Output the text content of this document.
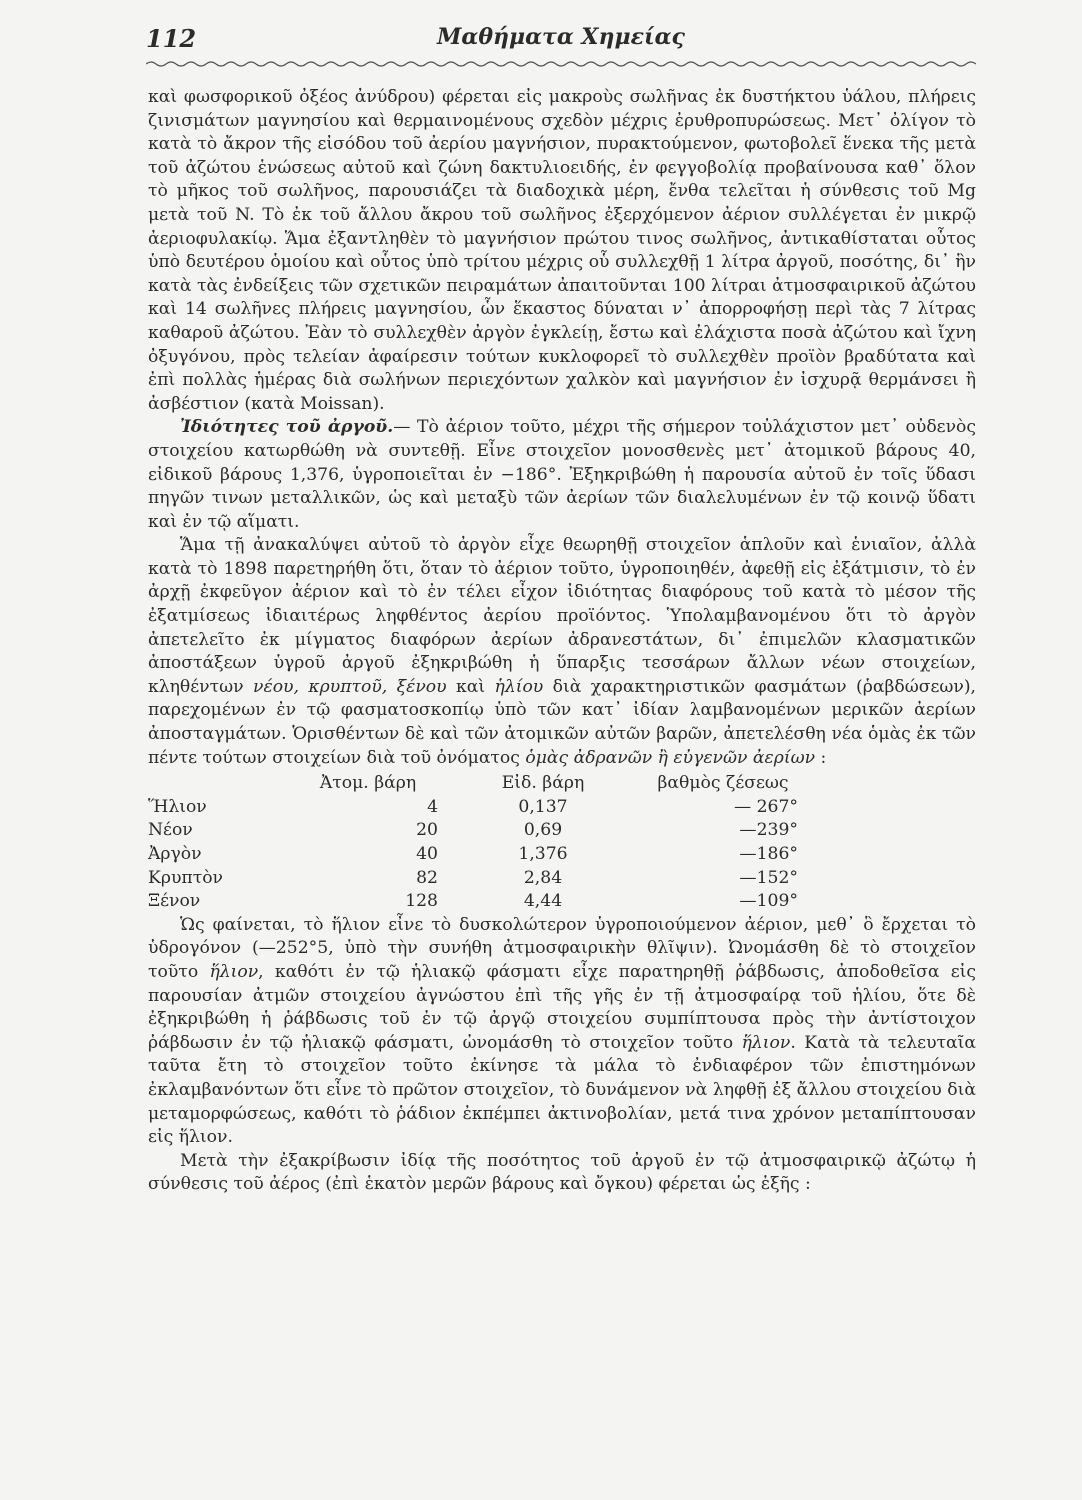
112	Μαθήματα Χημείας

καὶ φωσφορικοῦ ὀξέος ἀνύδρου) φέρεται εἰς μακροὺς σωλῆνας ἐκ δυστήκτου ὑάλου, πλήρεις ζινισμάτων μαγνησίου καὶ θερμαινομένους σχεδὸν μέχρις ἐρυθροπυρώσεως. Μετ᾽ ὀλίγον τὸ κατὰ τὸ ἄκρον τῆς εἰσόδου τοῦ ἀερίου μαγνήσιον, πυρακτούμενον, φωτοβολεῖ ἕνεκα τῆς μετὰ τοῦ ἀζώτου ἑνώσεως αὐτοῦ καὶ ζώνη δακτυλιοειδής, ἐν φεγγοβολίᾳ προβαίνουσα καθ᾽ ὅλον τὸ μῆκος τοῦ σωλῆνος, παρουσιάζει τὰ διαδοχικὰ μέρη, ἔνθα τελεῖται ἡ σύνθεσις τοῦ Mg μετὰ τοῦ N. Τὸ ἐκ τοῦ ἄλλου ἄκρου τοῦ σωλῆνος ἐξερχόμενον ἀέριον συλλέγεται ἐν μικρῷ ἀεριοφυλακίῳ. Ἅμα ἐξαντληθὲν τὸ μαγνήσιον πρώτου τινος σωλῆνος, ἀντικαθίσταται οὗτος ὑπὸ δευτέρου ὁμοίου καὶ οὗτος ὑπὸ τρίτου μέχρις οὗ συλλεχθῇ 1 λίτρα ἀργοῦ, ποσότης, δι᾽ ἣν κατὰ τὰς ἐνδείξεις τῶν σχετικῶν πειραμάτων ἀπαιτοῦνται 100 λίτραι ἀτμοσφαιρικοῦ ἀζώτου καὶ 14 σωλῆνες πλήρεις μαγνησίου, ὧν ἕκαστος δύναται ν᾽ ἀπορροφήσῃ περὶ τὰς 7 λίτρας καθαροῦ ἀζώτου. Ἐὰν τὸ συλλεχθὲν ἀργὸν ἐγκλείῃ, ἔστω καὶ ἐλάχιστα ποσὰ ἀζώτου καὶ ἴχνη ὀξυγόνου, πρὸς τελείαν ἀφαίρεσιν τούτων κυκλοφορεῖ τὸ συλλεχθὲν προϊὸν βραδύτατα καὶ ἐπὶ πολλὰς ἡμέρας διὰ σωλήνων περιεχόντων χαλκὸν καὶ μαγνήσιον ἐν ἰσχυρᾷ θερμάνσει ἢ ἀσβέστιον (κατὰ Moissan).

Ἰδιότητες τοῦ ἀργοῦ.— Τὸ ἀέριον τοῦτο, μέχρι τῆς σήμερον τοὐλάχιστον μετ᾽ οὐδενὸς στοιχείου κατωρθώθη νὰ συντεθῇ. Εἶνε στοιχεῖον μονοσθενὲς μετ᾽ ἀτομικοῦ βάρους 40, εἰδικοῦ βάρους 1,376, ὑγροποιεῖται ἐν −186°. Ἐξηκριβώθη ἡ παρουσία αὐτοῦ ἐν τοῖς ὕδασι πηγῶν τινων μεταλλικῶν, ὡς καὶ μεταξὺ τῶν ἀερίων τῶν διαλελυμένων ἐν τῷ κοινῷ ὕδατι καὶ ἐν τῷ αἵματι.

Ἅμα τῇ ἀνακαλύψει αὐτοῦ τὸ ἀργὸν εἶχε θεωρηθῇ στοιχεῖον ἁπλοῦν καὶ ἑνιαῖον, ἀλλὰ κατὰ τὸ 1898 παρετηρήθη ὅτι, ὅταν τὸ ἀέριον τοῦτο, ὑγροποιηθέν, ἀφεθῇ εἰς ἐξάτμισιν, τὸ ἐν ἀρχῇ ἐκφεῦγον ἀέριον καὶ τὸ ἐν τέλει εἶχον ἰδιότητας διαφόρους τοῦ κατὰ τὸ μέσον τῆς ἐξατμίσεως ἰδιαιτέρως ληφθέντος ἀερίου προϊόντος. Ὑπολαμβανομένου ὅτι τὸ ἀργὸν ἀπετελεῖτο ἐκ μίγματος διαφόρων ἀερίων ἀδρανεστάτων, δι᾽ ἐπιμελῶν κλασματικῶν ἀποστάξεων ὑγροῦ ἀργοῦ ἐξηκριβώθη ἡ ὕπαρξις τεσσάρων ἄλλων νέων στοιχείων, κληθέντων νέου, κρυπτοῦ, ξένου καὶ ἡλίου διὰ χαρακτηριστικῶν φασμάτων (ῥαβδώσεων), παρεχομένων ἐν τῷ φασματοσκοπίῳ ὑπὸ τῶν κατ᾽ ἰδίαν λαμβανομένων μερικῶν ἀερίων ἀποσταγμάτων. Ὁρισθέντων δὲ καὶ τῶν ἀτομικῶν αὐτῶν βαρῶν, ἀπετελέσθη νέα ὁμὰς ἐκ τῶν πέντε τούτων στοιχείων διὰ τοῦ ὀνόματος ὁμὰς ἀδρανῶν ἢ εὐγενῶν ἀερίων :

	Ἀτομ. βάρη	Εἰδ. βάρη	βαθμὸς ζέσεως
Ἥλιον	4	0,137	— 267°
Νέον	20	0,69	—239°
Ἀργὸν	40	1,376	—186°
Κρυπτὸν	82	2,84	—152°
Ξένον	128	4,44	—109°

Ὡς φαίνεται, τὸ ἥλιον εἶνε τὸ δυσκολώτερον ὑγροποιούμενον ἀέριον, μεθ᾽ ὃ ἔρχεται τὸ ὑδρογόνον (—252°5, ὑπὸ τὴν συνήθη ἀτμοσφαιρικὴν θλῖψιν). Ὠνομάσθη δὲ τὸ στοιχεῖον τοῦτο ἥλιον, καθότι ἐν τῷ ἡλιακῷ φάσματι εἶχε παρατηρηθῇ ῥάβδωσις, ἀποδοθεῖσα εἰς παρουσίαν ἀτμῶν στοιχείου ἀγνώστου ἐπὶ τῆς γῆς ἐν τῇ ἀτμοσφαίρᾳ τοῦ ἡλίου, ὅτε δὲ ἐξηκριβώθη ἡ ῥάβδωσις τοῦ ἐν τῷ ἀργῷ στοιχείου συμπίπτουσα πρὸς τὴν ἀντίστοιχον ῥάβδωσιν ἐν τῷ ἡλιακῷ φάσματι, ὠνομάσθη τὸ στοιχεῖον τοῦτο ἥλιον. Κατὰ τὰ τελευταῖα ταῦτα ἔτη τὸ στοιχεῖον τοῦτο ἐκίνησε τὰ μάλα τὸ ἐνδιαφέρον τῶν ἐπιστημόνων ἐκλαμβανόντων ὅτι εἶνε τὸ πρῶτον στοιχεῖον, τὸ δυνάμενον νὰ ληφθῇ ἐξ ἄλλου στοιχείου διὰ μεταμορφώσεως, καθότι τὸ ῥάδιον ἐκπέμπει ἀκτινοβολίαν, μετά τινα χρόνον μεταπίπτουσαν εἰς ἥλιον.

Μετὰ τὴν ἐξακρίβωσιν ἰδίᾳ τῆς ποσότητος τοῦ ἀργοῦ ἐν τῷ ἀτμοσφαιρικῷ ἀζώτῳ ἡ σύνθεσις τοῦ ἀέρος (ἐπὶ ἑκατὸν μερῶν βάρους καὶ ὄγκου) φέρεται ὡς ἑξῆς :
